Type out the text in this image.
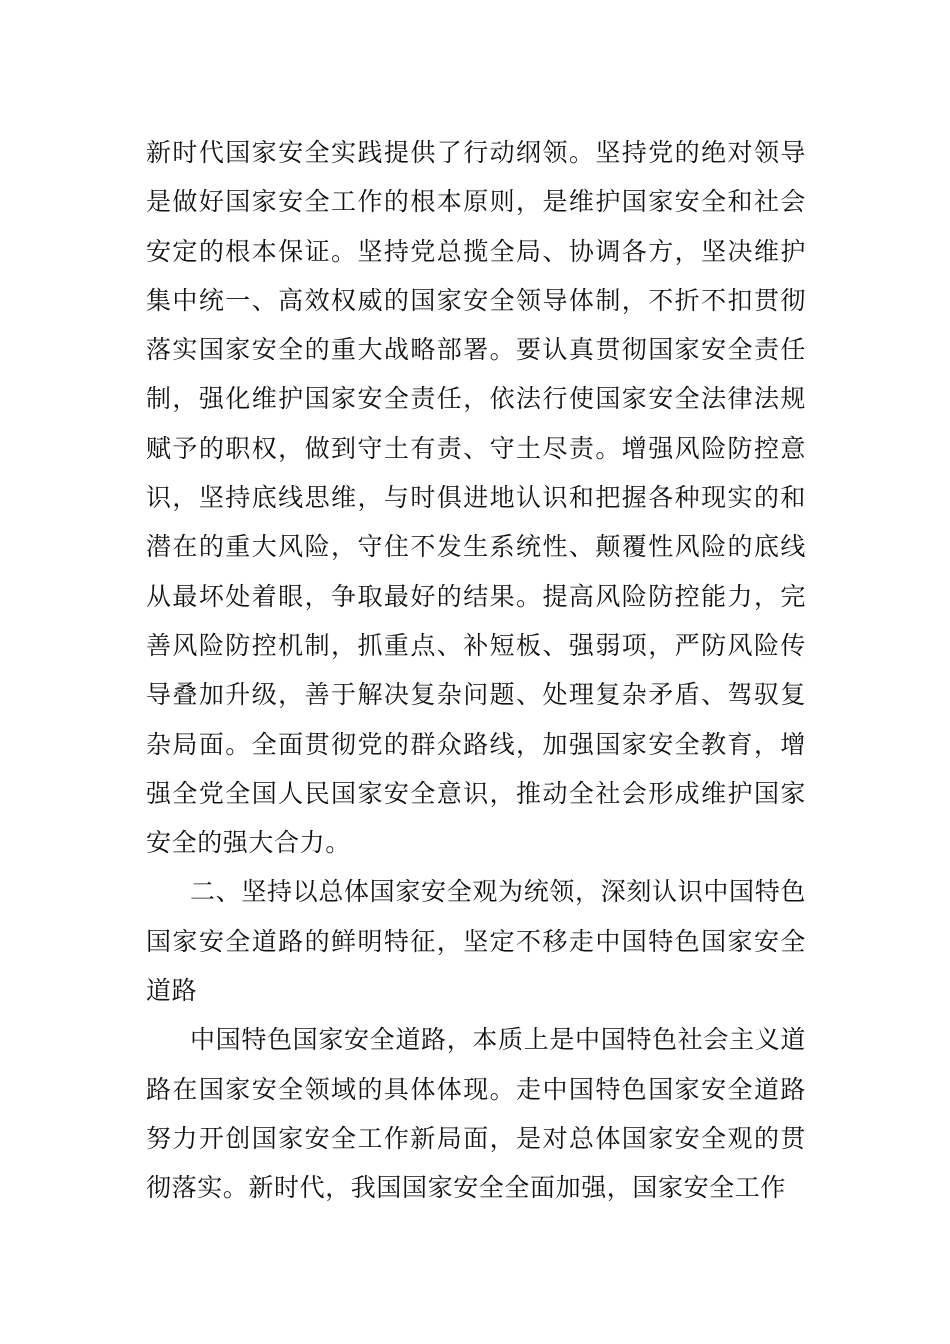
新时代国家安全实践提供了行动纲领。坚持党的绝对领导是做好国家安全工作的根本原则，是维护国家安全和社会安定的根本保证。坚持党总揽全局、协调各方，坚决维护集中统一、高效权威的国家安全领导体制，不折不扣贯彻落实国家安全的重大战略部署。要认真贯彻国家安全责任制，强化维护国家安全责任，依法行使国家安全法律法规赋予的职权，做到守土有责、守土尽责。增强风险防控意识，坚持底线思维，与时俱进地认识和把握各种现实的和潜在的重大风险，守住不发生系统性、颠覆性风险的底线从最坏处着眼，争取最好的结果。提高风险防控能力，完善风险防控机制，抓重点、补短板、强弱项，严防风险传导叠加升级，善于解决复杂问题、处理复杂矛盾、驾驭复杂局面。全面贯彻党的群众路线，加强国家安全教育，增强全党全国人民国家安全意识，推动全社会形成维护国家安全的强大合力。

二、坚持以总体国家安全观为统领，深刻认识中国特色国家安全道路的鲜明特征，坚定不移走中国特色国家安全道路

中国特色国家安全道路，本质上是中国特色社会主义道路在国家安全领域的具体体现。走中国特色国家安全道路努力开创国家安全工作新局面，是对总体国家安全观的贯彻落实。新时代，我国国家安全全面加强，国家安全工作
